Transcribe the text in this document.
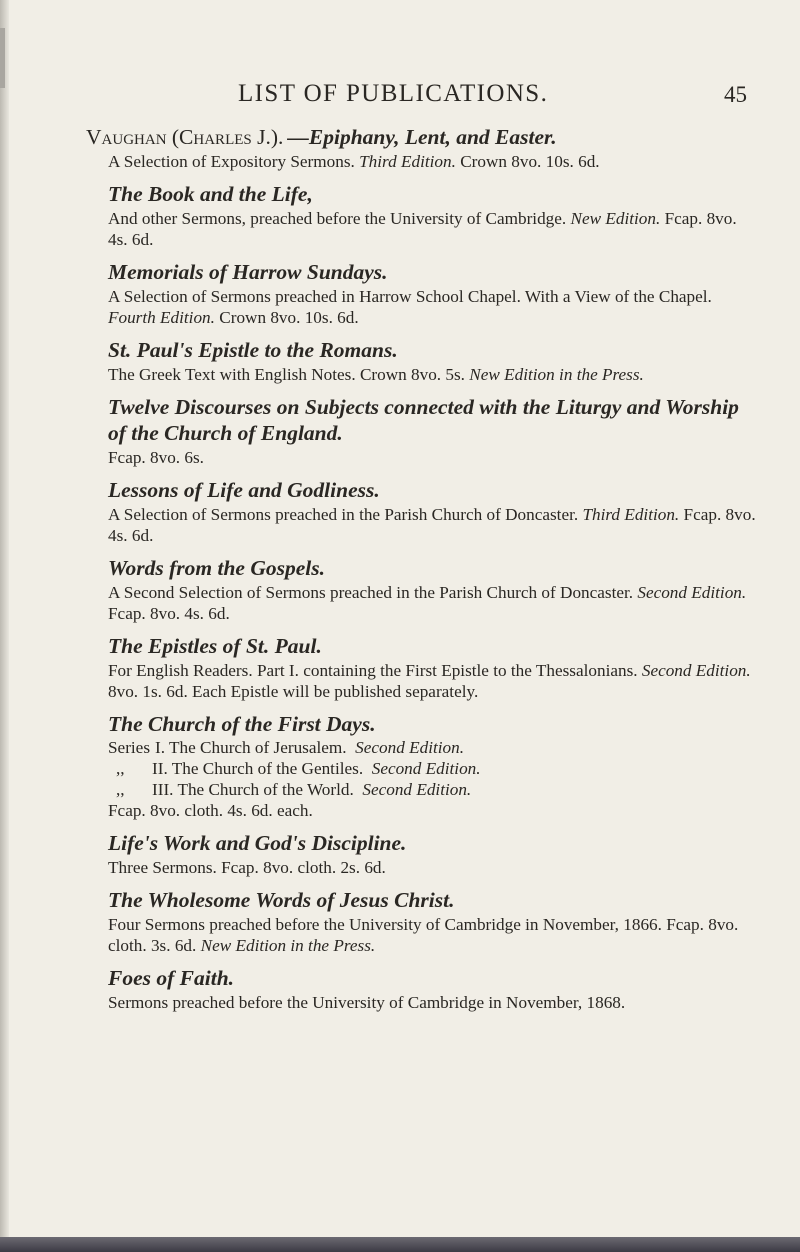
LIST OF PUBLICATIONS.	45
Vaughan (Charles J.). —Epiphany, Lent, and Easter.

A Selection of Expository Sermons. Third Edition. Crown 8vo. 10s. 6d.

The Book and the Life,

And other Sermons, preached before the University of Cambridge. New Edition. Fcap. 8vo. 4s. 6d.

Memorials of Harrow Sundays.

A Selection of Sermons preached in Harrow School Chapel. With a View of the Chapel. Fourth Edition. Crown 8vo. 10s. 6d.

St. Paul's Epistle to the Romans.

The Greek Text with English Notes. Crown 8vo. 5s. New Edition in the Press.

Twelve Discourses on Subjects connected with the Liturgy and Worship of the Church of England.

Fcap. 8vo. 6s.

Lessons of Life and Godliness.

A Selection of Sermons preached in the Parish Church of Doncaster. Third Edition. Fcap. 8vo. 4s. 6d.

Words from the Gospels.

A Second Selection of Sermons preached in the Parish Church of Doncaster. Second Edition. Fcap. 8vo. 4s. 6d.

The Epistles of St. Paul.

For English Readers. Part I. containing the First Epistle to the Thessalonians. Second Edition. 8vo. 1s. 6d. Each Epistle will be published separately.

The Church of the First Days.

Series I. The Church of Jerusalem.
Second Edition.
,,	II. The Church of the Gentiles.
Second Edition.
,,	III. The Church of the World.
Second Edition.
Fcap. 8vo. cloth. 4s. 6d. each.

Life's Work and God's Discipline.

Three Sermons. Fcap. 8vo. cloth. 2s. 6d.

The Wholesome Words of Jesus Christ.

Four Sermons preached before the University of Cambridge in November, 1866. Fcap. 8vo. cloth. 3s. 6d. New Edition in the Press.

Foes of Faith.

Sermons preached before the University of Cambridge in November, 1868.
